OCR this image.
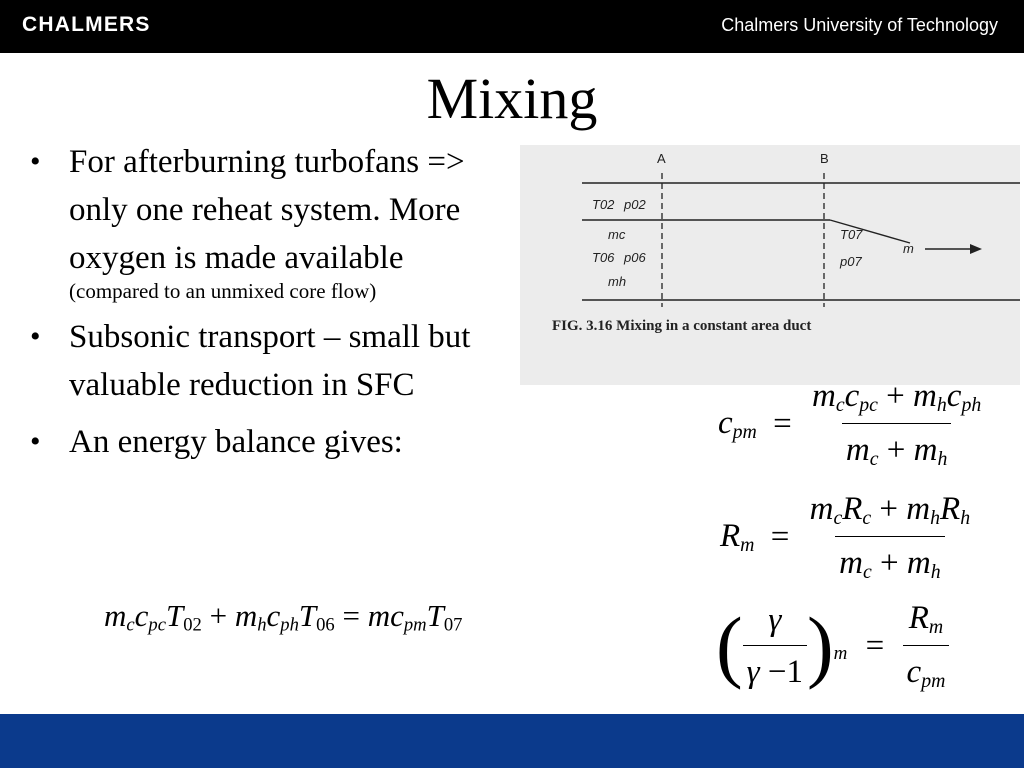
CHALMERS	Chalmers University of Technology
Mixing
• For afterburning turbofans => only one reheat system. More oxygen is made available
(compared to an unmixed core flow)
• Subsonic transport – small but valuable reduction in SFC
• An energy balance gives:
A	B
T02 p02
mc
T06 p06
mh
T07
p07
m
FIG. 3.16 Mixing in a constant area duct
$m_cc_{pc}T_{02} + m_hc_{ph}T_{06} = mc_{pm}T_{07}$
$c_{pm} = \frac{m_cc_{pc} + m_hc_{ph}}{m_c + m_h}$
$R_m = \frac{m_cR_c + m_hR_h}{m_c + m_h}$
( $\frac{\gamma}{\gamma -1} )_m = \frac{R_m}{c_{pm}}$
